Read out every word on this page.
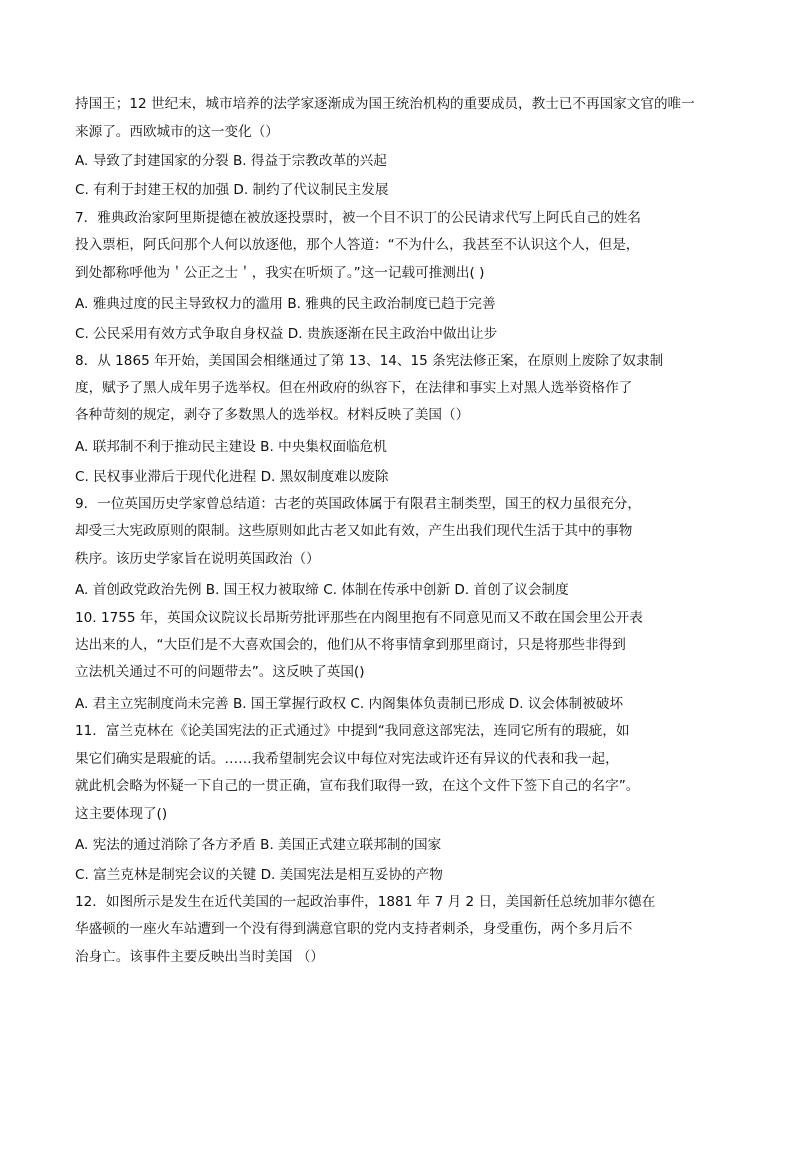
持国王；12 世纪末，城市培养的法学家逐渐成为国王统治机构的重要成员，教士已不再国家文官的唯一
来源了。西欧城市的这一变化（）
A. 导致了封建国家的分裂 B. 得益于宗教改革的兴起
C. 有利于封建王权的加强 D. 制约了代议制民主发展
7．雅典政治家阿里斯提德在被放逐投票时，被一个目不识丁的公民请求代写上阿氏自己的姓名
投入票柜，阿氏问那个人何以放逐他，那个人答道：“不为什么，我甚至不认识这个人，但是，
到处都称呼他为＇公正之士＇，我实在听烦了。”这一记载可推测出( )
A. 雅典过度的民主导致权力的滥用 B. 雅典的民主政治制度已趋于完善
C. 公民采用有效方式争取自身权益 D. 贵族逐渐在民主政治中做出让步
8．从 1865 年开始，美国国会相继通过了第 13、14、15 条宪法修正案，在原则上废除了奴隶制
度，赋予了黑人成年男子选举权。但在州政府的纵容下，在法律和事实上对黑人选举资格作了
各种苛刻的规定，剥夺了多数黑人的选举权。材料反映了美国（）
A. 联邦制不利于推动民主建设 B. 中央集权面临危机
C. 民权事业滞后于现代化进程 D. 黑奴制度难以废除
9．一位英国历史学家曾总结道：古老的英国政体属于有限君主制类型，国王的权力虽很充分，
却受三大宪政原则的限制。这些原则如此古老又如此有效，产生出我们现代生活于其中的事物
秩序。该历史学家旨在说明英国政治（）
A. 首创政党政治先例 B. 国王权力被取缔 C. 体制在传承中创新 D. 首创了议会制度
10. 1755 年，英国众议院议长昂斯劳批评那些在内阁里抱有不同意见而又不敢在国会里公开表
达出来的人，“大臣们是不大喜欢国会的，他们从不将事情拿到那里商讨，只是将那些非得到
立法机关通过不可的问题带去”。这反映了英国()
A. 君主立宪制度尚未完善 B. 国王掌握行政权 C. 内阁集体负责制已形成 D. 议会体制被破坏
11．富兰克林在《论美国宪法的正式通过》中提到“我同意这部宪法，连同它所有的瑕疵，如
果它们确实是瑕疵的话。……我希望制宪会议中每位对宪法或许还有异议的代表和我一起，
就此机会略为怀疑一下自己的一贯正确，宣布我们取得一致，在这个文件下签下自己的名字”。
这主要体现了()
A. 宪法的通过消除了各方矛盾 B. 美国正式建立联邦制的国家
C. 富兰克林是制宪会议的关键 D. 美国宪法是相互妥协的产物
12．如图所示是发生在近代美国的一起政治事件，1881 年 7 月 2 日，美国新任总统加菲尔德在
华盛顿的一座火车站遭到一个没有得到满意官职的党内支持者刺杀，身受重伤，两个多月后不
治身亡。该事件主要反映出当时美国 （）
